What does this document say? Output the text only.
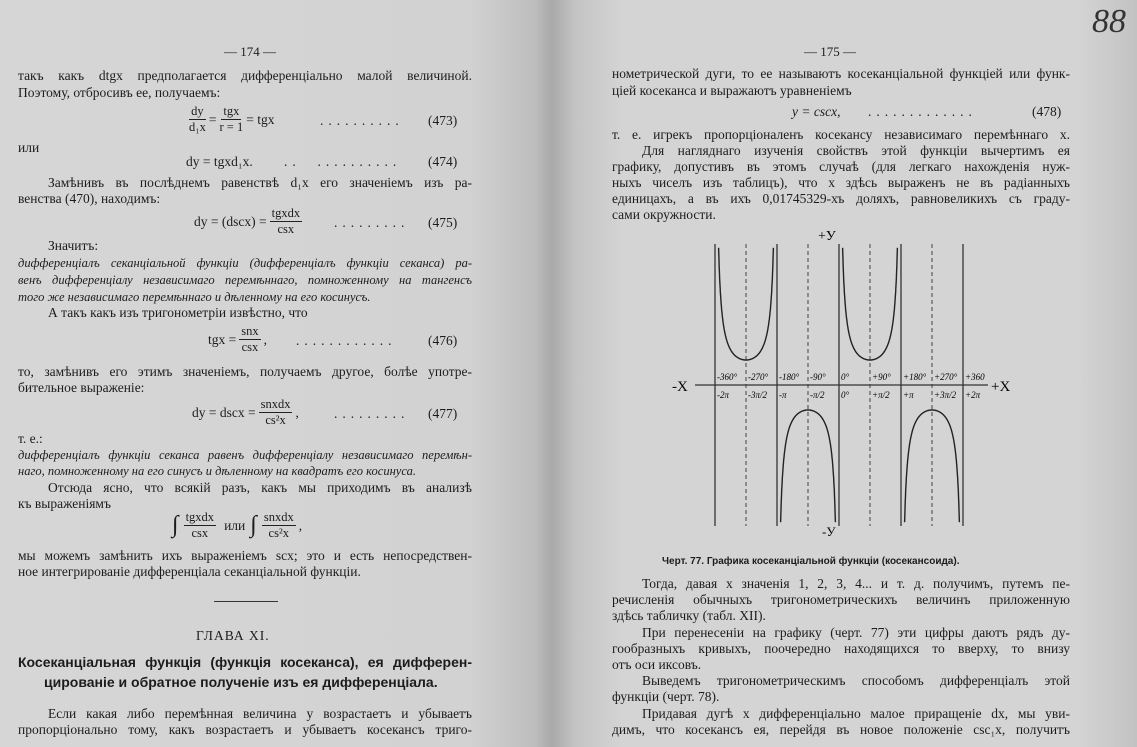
— 174 —
такъ какъ dtgx предполагается дифференціально малой величиной.
Поэтому, отбросивъ ее, получаемъ:
$\frac{dy}{\text{d₁x}}$ =
tgx
r = 1
= tgx	.......... (473)
или
dy = tgxd₁x. ..  .......... (474)
Замѣнивъ въ послѣднемъ равенствѣ d₁x его значеніемъ изъ ра-
венства (470), находимъ:
dy = (dscx) =
tgxdx
csx	......... (475)
Значитъ:
дифференціалъ секанціальной функціи (дифференціалъ функціи секанса) ра-
венъ дифференціалу независимаго перемѣннаго, помноженному на тангенсъ
того же независимаго перемѣннаго и дѣленному на его косинусъ.
А такъ какъ изъ тригонометріи извѣстно, что
tgx =
snx
csx
, ............ (476)
то, замѣнивъ его этимъ значеніемъ, получаемъ другое, болѣе употре-
бительное выраженіе:
dy = dscx =
snxdx
cs²x
,	......... (477)
т. е.:
дифференціалъ функціи секанса равенъ дифференціалу независимаго перемѣн-
наго, помноженному на его синусъ и дѣленному на квадратъ его косинуса.
Отсюда ясно, что всякій разъ, какъ мы приходимъ въ анализѣ
къ выраженіямъ
∫ tgxdx
csx
или ∫ snxdx
cs²x
,
мы можемъ замѣнить ихъ выраженіемъ scx; это и есть непосредствен-
ное интегрированіе дифференціала секанціальной функціи.
ГЛАВА XI.
Косеканціальная функція (функція косеканса), ея дифферен-
цированіе и обратное полученіе изъ ея дифференціала.
Если какая либо перемѣнная величина y возрастаетъ и убываетъ
пропорціонально тому, какъ возрастаетъ и убываетъ косекансъ триго-
— 175 —
88
нометрической дуги, то ее называютъ косеканціальной функціей или функ-
ціей косеканса и выражаютъ уравненіемъ
y = cscx, .............	(478)
т. е. игрекъ пропорціоналенъ косекансу независимаго перемѣннаго x.
Для нагляднаго изученія свойствъ этой функціи вычертимъ ея
графику, допустивъ въ этомъ случаѣ (для легкаго нахожденія нуж-
ныхъ чиселъ изъ таблицъ), что x здѣсь выраженъ не въ радіанныхъ
единицахъ, а въ ихъ 0,01745329-хъ доляхъ, равновеликихъ съ граду-
сами окружности.
+У
-У
-X	+X
-360°
-2π
-270°
-3π/2
-180°
-π
-90°
-π/2
0°
0°
+90°
+π/2
+180°
+π
+270°
+3π/2
+360
+2π
Черт. 77. Графика косеканціальной функціи (косекансоида).
Тогда, давая x значенія 1, 2, 3, 4... и т. д. получимъ, путемъ пе-
речисленія обычныхъ тригонометрическихъ величинъ приложенную
здѣсь табличку (табл. XII).
При перенесеніи на графику (черт. 77) эти цифры даютъ рядъ ду-
гообразныхъ кривыхъ, поочередно находящихся то вверху, то внизу
отъ оси иксовъ.
Выведемъ тригонометрическимъ способомъ дифференціалъ этой
функціи (черт. 78).
Придавая дугѣ x дифференціально малое приращеніе dx, мы уви-
димъ, что косекансъ ея, перейдя въ новое положеніе csc₁x, получитъ
